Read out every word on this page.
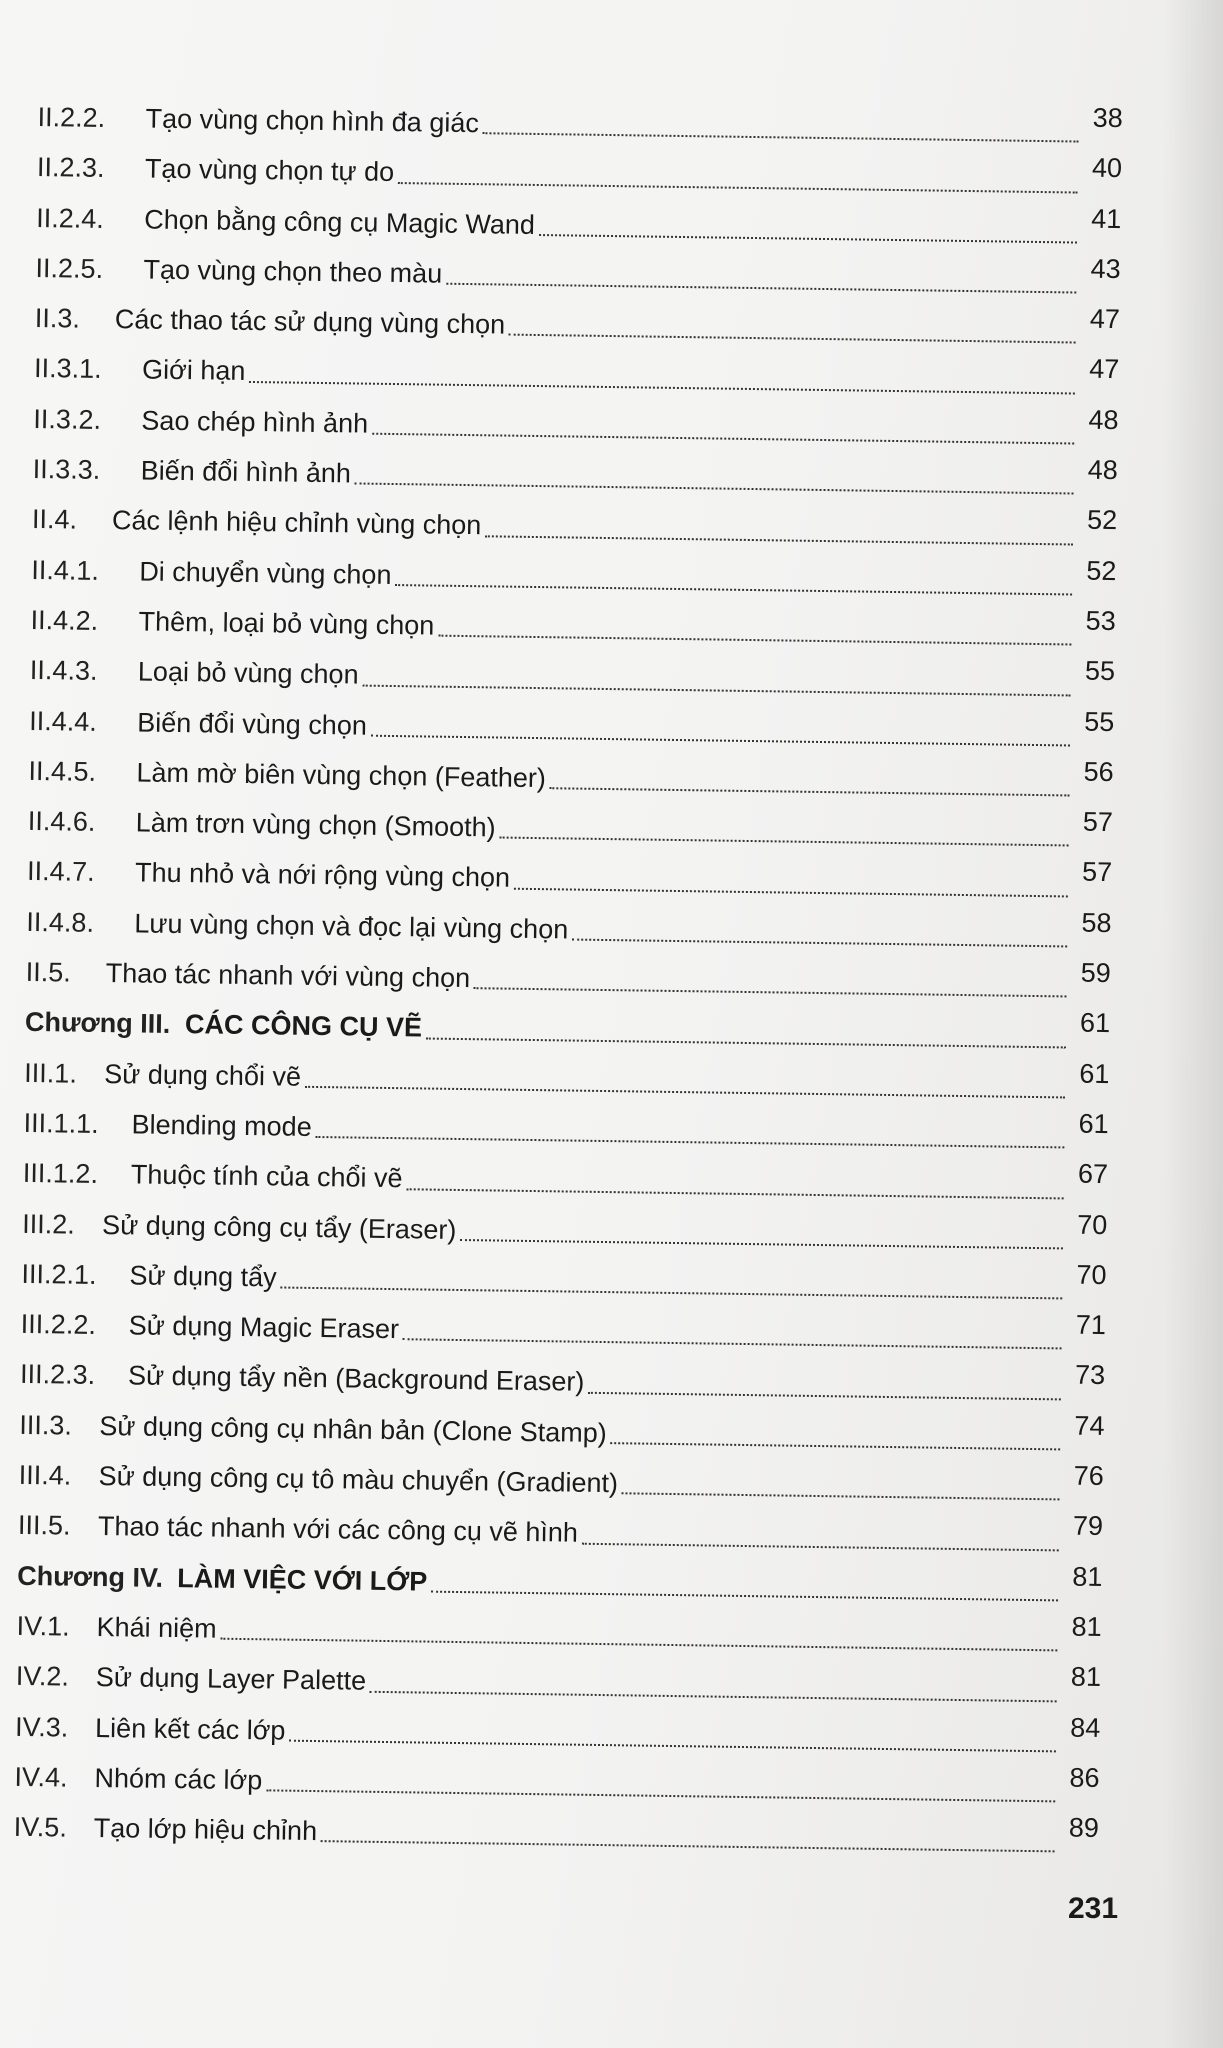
II.2.2.	Tạo vùng chọn hình đa giác	38
II.2.3.	Tạo vùng chọn tự do	40
II.2.4.	Chọn bằng công cụ Magic Wand	41
II.2.5.	Tạo vùng chọn theo màu	43
II.3.	Các thao tác sử dụng vùng chọn	47
II.3.1.	Giới hạn	47
II.3.2.	Sao chép hình ảnh	48
II.3.3.	Biến đổi hình ảnh	48
II.4.	Các lệnh hiệu chỉnh vùng chọn	52
II.4.1.	Di chuyển vùng chọn	52
II.4.2.	Thêm, loại bỏ vùng chọn	53
II.4.3.	Loại bỏ vùng chọn	55
II.4.4.	Biến đổi vùng chọn	55
II.4.5.	Làm mờ biên vùng chọn (Feather)	56
II.4.6.	Làm trơn vùng chọn (Smooth)	57
II.4.7.	Thu nhỏ và nới rộng vùng chọn	57
II.4.8.	Lưu vùng chọn và đọc lại vùng chọn	58
II.5.	Thao tác nhanh với vùng chọn	59
Chương III. CÁC CÔNG CỤ VẼ	61
III.1.	Sử dụng chổi vẽ	61
III.1.1.	Blending mode	61
III.1.2.	Thuộc tính của chổi vẽ	67
III.2.	Sử dụng công cụ tẩy (Eraser)	70
III.2.1.	Sử dụng tẩy	70
III.2.2.	Sử dụng Magic Eraser	71
III.2.3.	Sử dụng tẩy nền (Background Eraser)	73
III.3.	Sử dụng công cụ nhân bản (Clone Stamp)	74
III.4.	Sử dụng công cụ tô màu chuyển (Gradient)	76
III.5.	Thao tác nhanh với các công cụ vẽ hình	79
Chương IV. LÀM VIỆC VỚI LỚP	81
IV.1. Khái niệm	81
IV.2. Sử dụng Layer Palette	81
IV.3. Liên kết các lớp	84
IV.4. Nhóm các lớp	86
IV.5. Tạo lớp hiệu chỉnh	89
231
